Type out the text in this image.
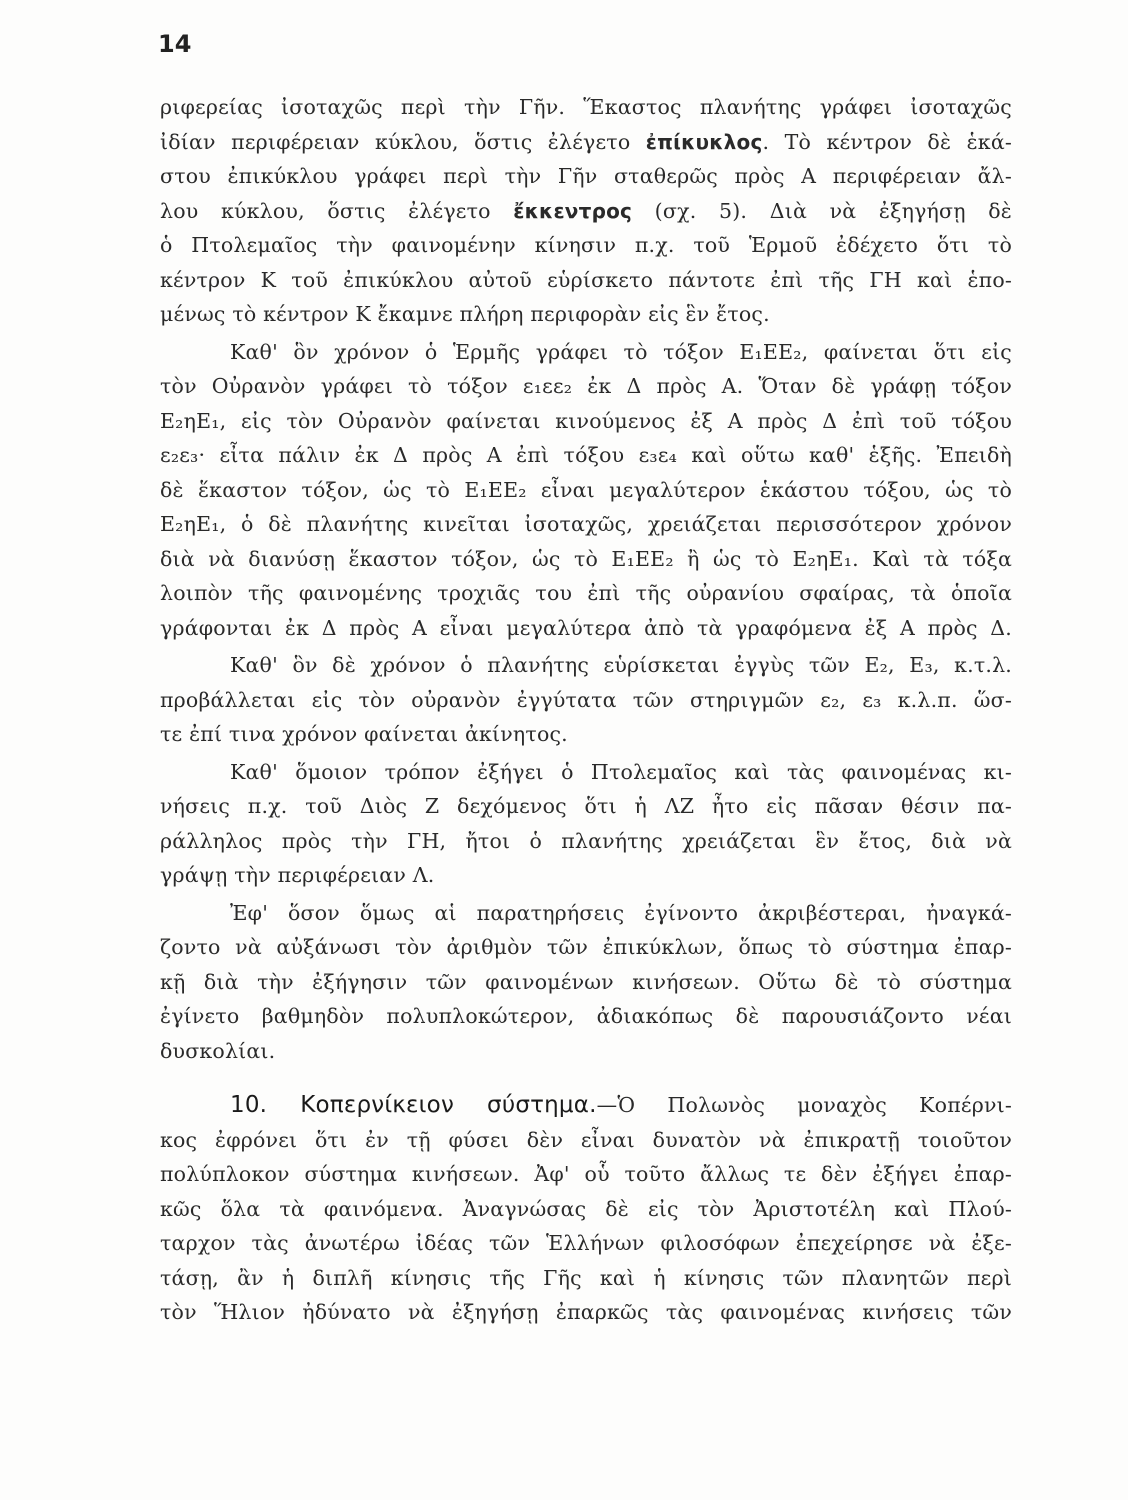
14
ριφερείας ἰσοταχῶς περὶ τὴν Γῆν. Ἕκαστος πλανήτης γράφει ἰσοταχῶς
ἰδίαν περιφέρειαν κύκλου, ὅστις ἐλέγετο ἐπίκυκλος. Τὸ κέντρον δὲ ἑκά-
στου ἐπικύκλου γράφει περὶ τὴν Γῆν σταθερῶς πρὸς Α περιφέρειαν ἄλ-
λου κύκλου, ὅστις ἐλέγετο ἔκκεντρος (σχ. 5). Διὰ νὰ ἐξηγήσῃ δὲ
ὁ Πτολεμαῖος τὴν φαινομένην κίνησιν π.χ. τοῦ Ἑρμοῦ ἐδέχετο ὅτι τὸ
κέντρον Κ τοῦ ἐπικύκλου αὐτοῦ εὑρίσκετο πάντοτε ἐπὶ τῆς ΓΗ καὶ ἑπο-
μένως τὸ κέντρον Κ ἔκαμνε πλήρη περιφορὰν εἰς ἓν ἔτος.
Καθ' ὃν χρόνον ὁ Ἑρμῆς γράφει τὸ τόξον Ε₁ΕΕ₂, φαίνεται ὅτι εἰς
τὸν Οὐρανὸν γράφει τὸ τόξον ε₁εε₂ ἐκ Δ πρὸς Α. Ὅταν δὲ γράφῃ τόξον
Ε₂ηΕ₁, εἰς τὸν Οὐρανὸν φαίνεται κινούμενος ἐξ Α πρὸς Δ ἐπὶ τοῦ τόξου
ε₂ε₃· εἶτα πάλιν ἐκ Δ πρὸς Α ἐπὶ τόξου ε₃ε₄ καὶ οὕτω καθ' ἑξῆς. Ἐπειδὴ
δὲ ἕκαστον τόξον, ὡς τὸ Ε₁ΕΕ₂ εἶναι μεγαλύτερον ἑκάστου τόξου, ὡς τὸ
Ε₂ηΕ₁, ὁ δὲ πλανήτης κινεῖται ἰσοταχῶς, χρειάζεται περισσότερον χρόνον
διὰ νὰ διανύσῃ ἕκαστον τόξον, ὡς τὸ Ε₁ΕΕ₂ ἢ ὡς τὸ Ε₂ηΕ₁. Καὶ τὰ τόξα
λοιπὸν τῆς φαινομένης τροχιᾶς του ἐπὶ τῆς οὐρανίου σφαίρας, τὰ ὁποῖα
γράφονται ἐκ Δ πρὸς Α εἶναι μεγαλύτερα ἀπὸ τὰ γραφόμενα ἐξ Α πρὸς Δ.
Καθ' ὃν δὲ χρόνον ὁ πλανήτης εὑρίσκεται ἐγγὺς τῶν Ε₂, Ε₃, κ.τ.λ.
προβάλλεται εἰς τὸν οὐρανὸν ἐγγύτατα τῶν στηριγμῶν ε₂, ε₃ κ.λ.π. ὥσ-
τε ἐπί τινα χρόνον φαίνεται ἀκίνητος.
Καθ' ὅμοιον τρόπον ἐξήγει ὁ Πτολεμαῖος καὶ τὰς φαινομένας κι-
νήσεις π.χ. τοῦ Διὸς Ζ δεχόμενος ὅτι ἡ ΛΖ ἦτο εἰς πᾶσαν θέσιν πα-
ράλληλος πρὸς τὴν ΓΗ, ἤτοι ὁ πλανήτης χρειάζεται ἓν ἔτος, διὰ νὰ
γράψῃ τὴν περιφέρειαν Λ.
Ἐφ' ὅσον ὅμως αἱ παρατηρήσεις ἐγίνοντο ἀκριβέστεραι, ἠναγκά-
ζοντο νὰ αὐξάνωσι τὸν ἀριθμὸν τῶν ἐπικύκλων, ὅπως τὸ σύστημα ἐπαρ-
κῇ διὰ τὴν ἐξήγησιν τῶν φαινομένων κινήσεων. Οὕτω δὲ τὸ σύστημα
ἐγίνετο βαθμηδὸν πολυπλοκώτερον, ἀδιακόπως δὲ παρουσιάζοντο νέαι
δυσκολίαι.
10. Κοπερνίκειον σύστημα.—Ὁ Πολωνὸς μοναχὸς Κοπέρνι-
κος ἐφρόνει ὅτι ἐν τῇ φύσει δὲν εἶναι δυνατὸν νὰ ἐπικρατῇ τοιοῦτον
πολύπλοκον σύστημα κινήσεων. Ἀφ' οὗ τοῦτο ἄλλως τε δὲν ἐξήγει ἐπαρ-
κῶς ὅλα τὰ φαινόμενα. Ἀναγνώσας δὲ εἰς τὸν Ἀριστοτέλη καὶ Πλού-
ταρχον τὰς ἀνωτέρω ἰδέας τῶν Ἑλλήνων φιλοσόφων ἐπεχείρησε νὰ ἐξε-
τάσῃ, ἂν ἡ διπλῆ κίνησις τῆς Γῆς καὶ ἡ κίνησις τῶν πλανητῶν περὶ
τὸν Ἥλιον ἠδύνατο νὰ ἐξηγήσῃ ἐπαρκῶς τὰς φαινομένας κινήσεις τῶν
